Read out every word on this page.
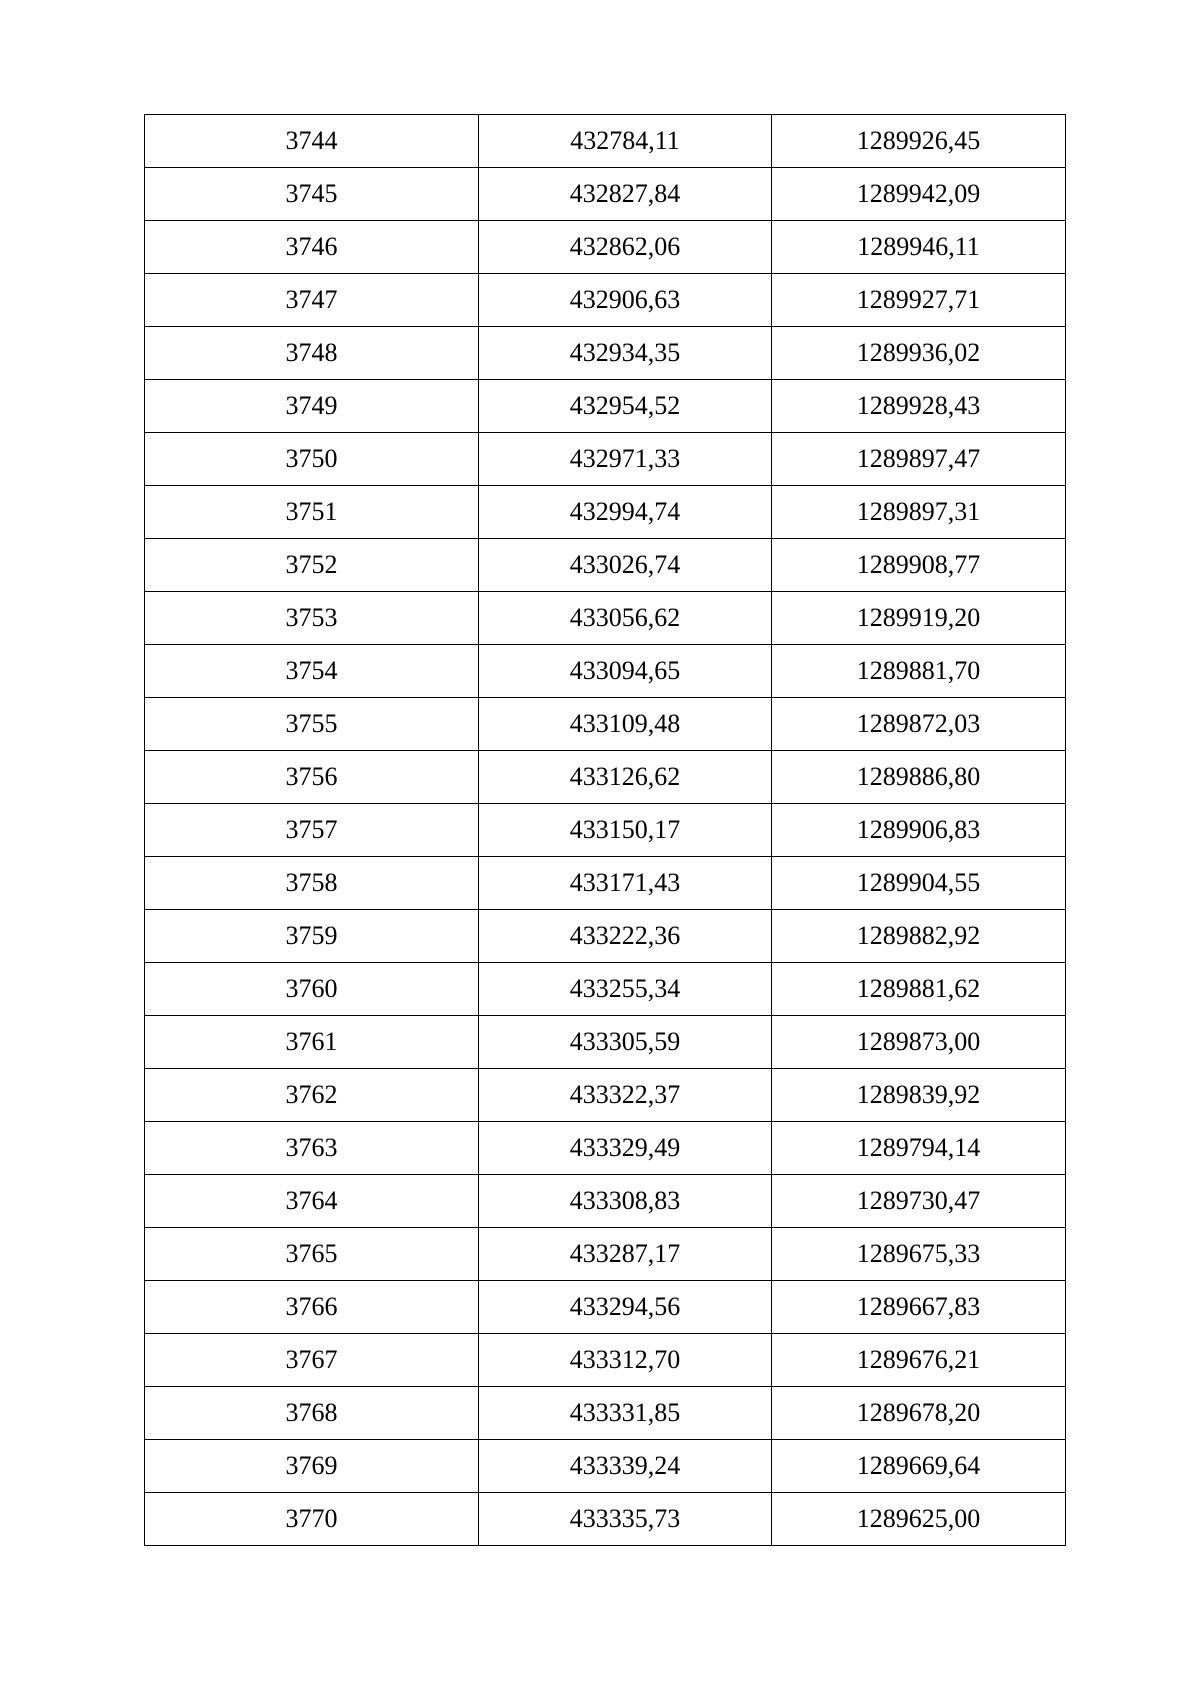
3744	432784,11	1289926,45
3745	432827,84	1289942,09
3746	432862,06	1289946,11
3747	432906,63	1289927,71
3748	432934,35	1289936,02
3749	432954,52	1289928,43
3750	432971,33	1289897,47
3751	432994,74	1289897,31
3752	433026,74	1289908,77
3753	433056,62	1289919,20
3754	433094,65	1289881,70
3755	433109,48	1289872,03
3756	433126,62	1289886,80
3757	433150,17	1289906,83
3758	433171,43	1289904,55
3759	433222,36	1289882,92
3760	433255,34	1289881,62
3761	433305,59	1289873,00
3762	433322,37	1289839,92
3763	433329,49	1289794,14
3764	433308,83	1289730,47
3765	433287,17	1289675,33
3766	433294,56	1289667,83
3767	433312,70	1289676,21
3768	433331,85	1289678,20
3769	433339,24	1289669,64
3770	433335,73	1289625,00
